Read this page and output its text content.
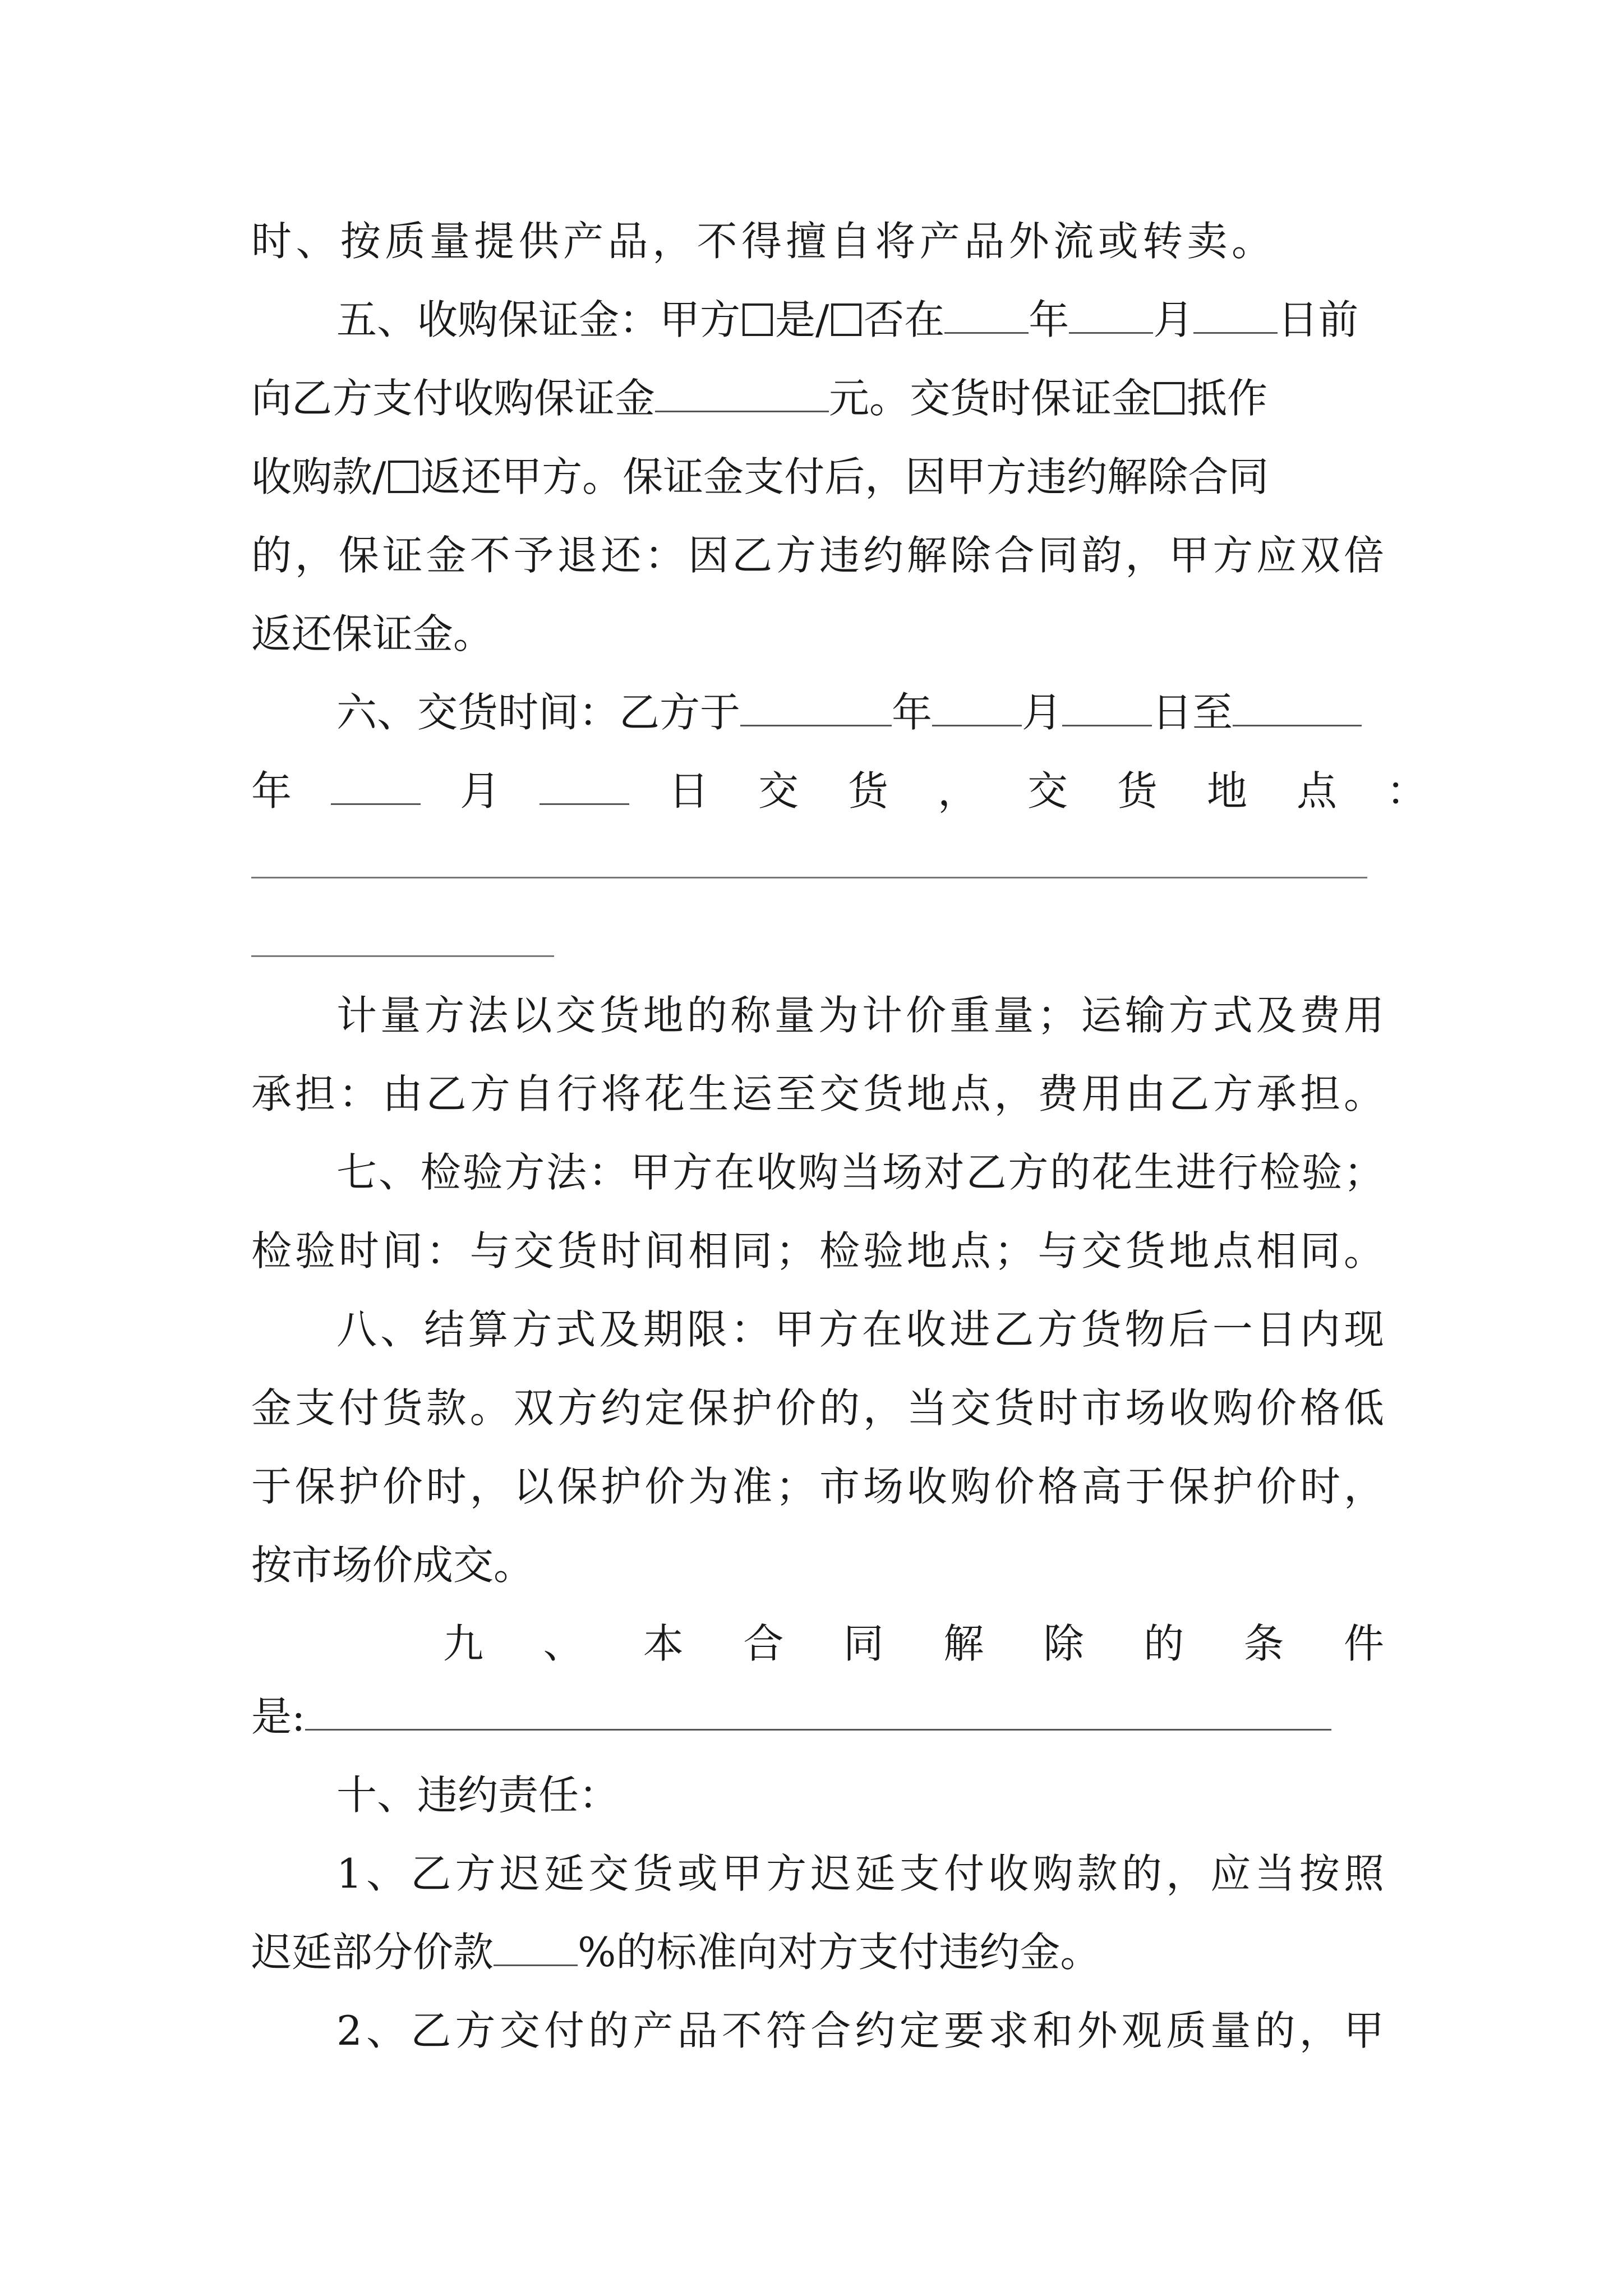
时、按质量提供产品，不得擅自将产品外流或转卖。
五、收购保证金：甲方 是/ 否在 年 月 日前
向乙方支付收购保证金	元。交货时保证金 抵作
收购款/ 返还甲方。保证金支付后，因甲方违约解除合同
的，保证金不予退还：因乙方违约解除合同韵，甲方应双倍
返还保证金。
六、交货时间：乙方于	年 月 日至
年	月	日交货，交货地点：
计量方法以交货地的称量为计价重量；运输方式及费用
承担：由乙方自行将花生运至交货地点，费用由乙方承担。
七、检验方法：甲方在收购当场对乙方的花生进行检验；
检验时间：与交货时间相同；检验地点；与交货地点相同。
八、结算方式及期限：甲方在收进乙方货物后一日内现
金支付货款。双方约定保护价的，当交货时市场收购价格低
于保护价时，以保护价为准；市场收购价格高于保护价时，
按市场价成交。
九、本合同解除的条件
是:
十、违约责任：
1、乙方迟延交货或甲方迟延支付收购款的，应当按照
迟延部分价款 %的标准向对方支付违约金。
2、乙方交付的产品不符合约定要求和外观质量的，甲
